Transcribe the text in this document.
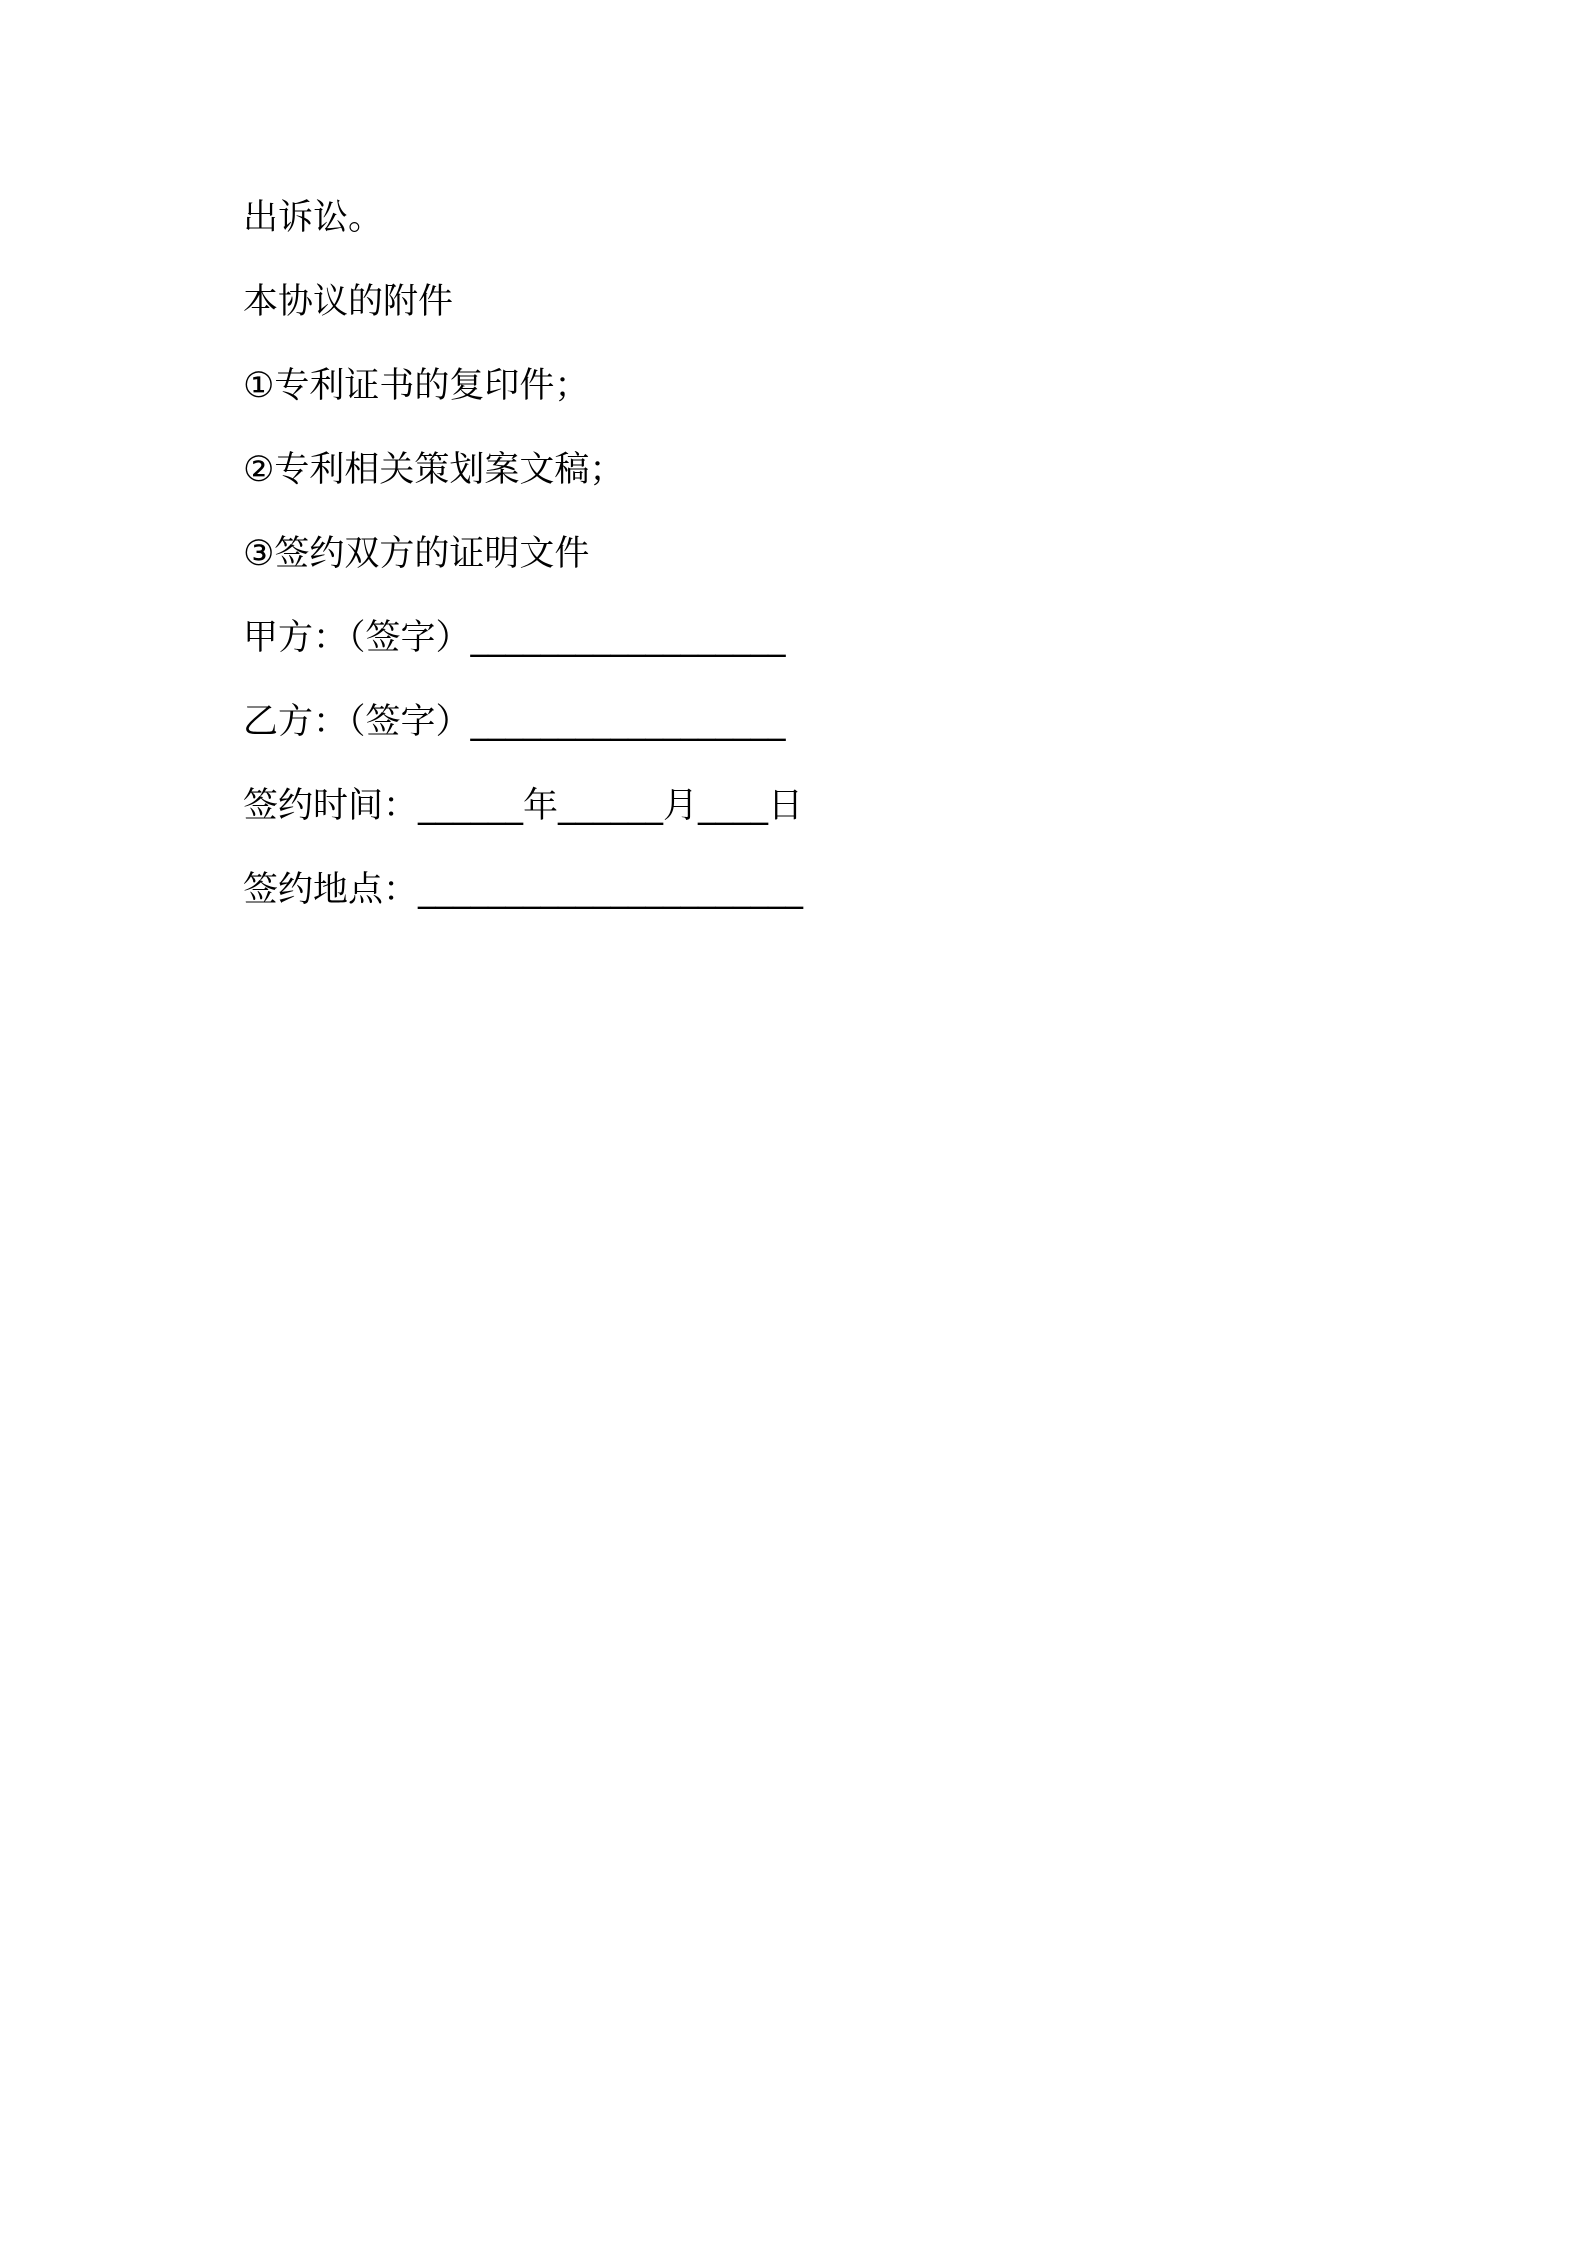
出诉讼。
本协议的附件
①专利证书的复印件；
②专利相关策划案文稿；
③签约双方的证明文件
甲方：（签字）__________________
乙方：（签字）__________________
签约时间：______年______月____日
签约地点：______________________
